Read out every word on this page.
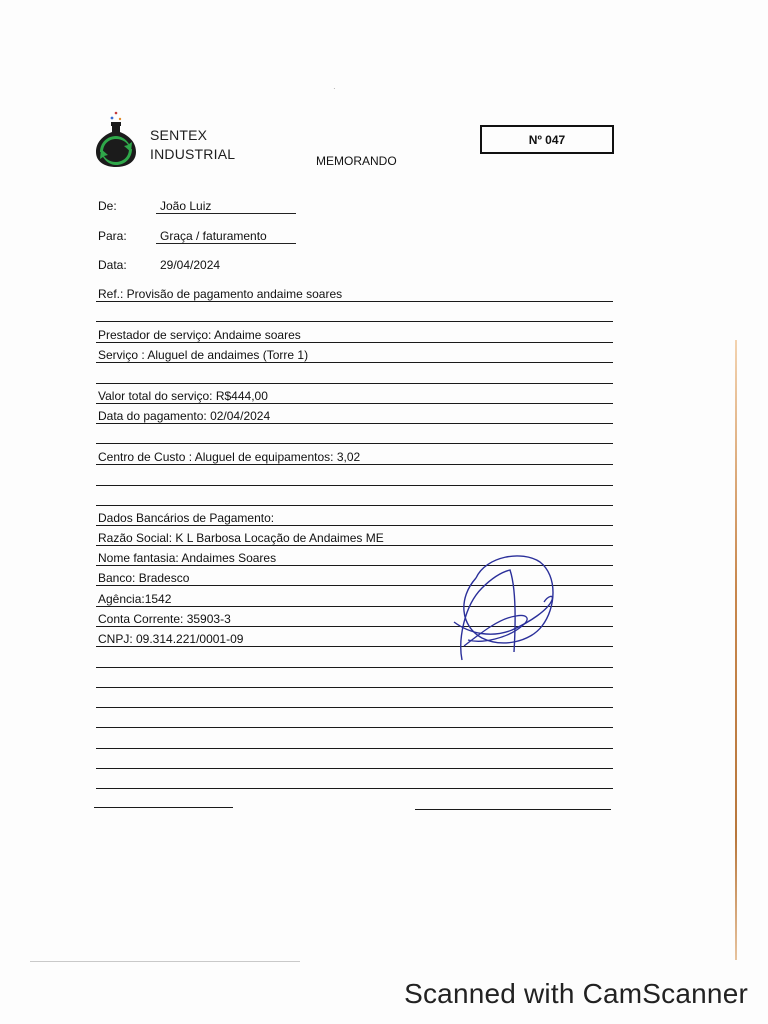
SENTEX
INDUSTRIAL	MEMORANDO
Nº 047
De:	João Luiz
Para:	Graça / faturamento
Data:	29/04/2024
Ref.: Provisão de pagamento andaime soares
Prestador de serviço: Andaime soares
Serviço : Aluguel de andaimes (Torre 1)
Valor total do serviço: R$444,00
Data do pagamento: 02/04/2024
Centro de Custo : Aluguel de equipamentos: 3,02
Dados Bancários de Pagamento:
Razão Social: K L Barbosa Locação de Andaimes ME
Nome fantasia: Andaimes Soares
Banco: Bradesco
Agência:1542
Conta Corrente: 35903-3
CNPJ: 09.314.221/0001-09
·
Scanned with CamScanner
